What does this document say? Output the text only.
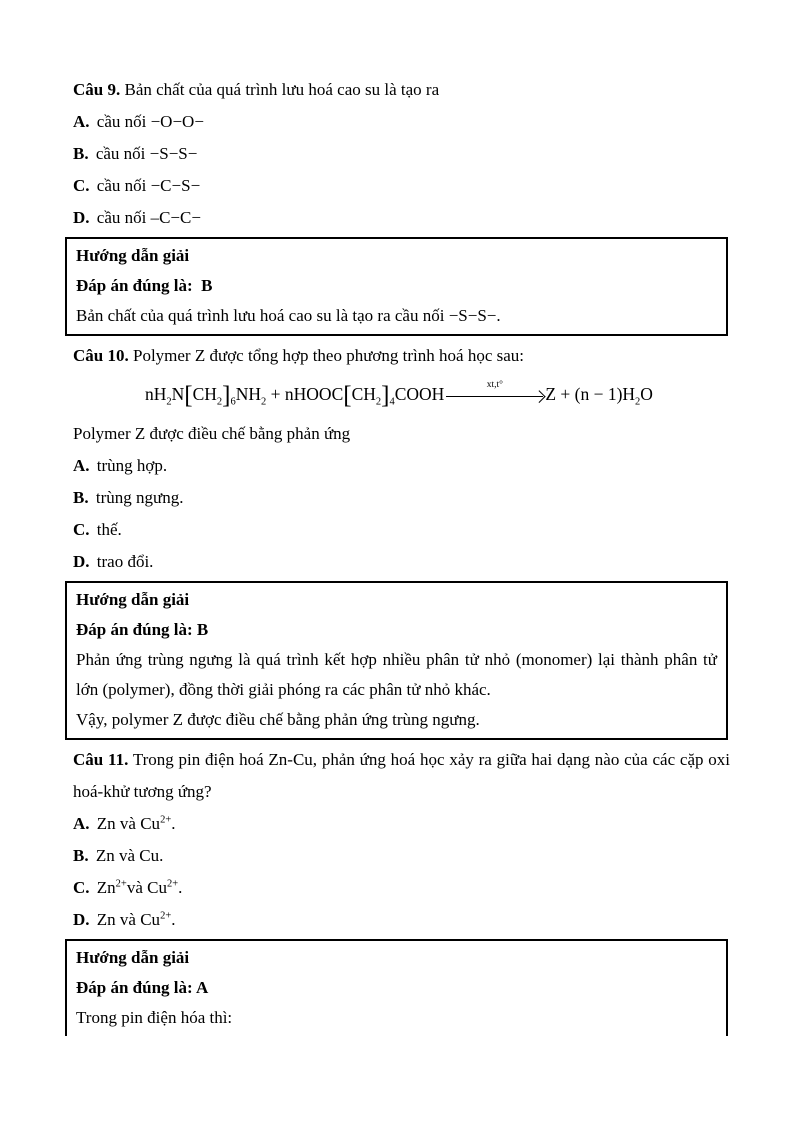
Câu 9. Bản chất của quá trình lưu hoá cao su là tạo ra

A. cầu nối −O−O−

B. cầu nối −S−S−

C. cầu nối −C−S−

D. cầu nối –C−C−

Hướng dẫn giải

Đáp án đúng là:  B

Bản chất của quá trình lưu hoá cao su là tạo ra cầu nối −S−S−.

Câu 10. Polymer Z được tổng hợp theo phương trình hoá học sau:

$nH_2N[CH_2]_6NH_2$ + $nHOOC[CH_2]_4COOH$	xt,t°	$Z + (n - 1)H_2O$

Polymer Z được điều chế bằng phản ứng

A. trùng hợp.

B. trùng ngưng.

C. thế.

D. trao đổi.

Hướng dẫn giải

Đáp án đúng là: B

Phản ứng trùng ngưng là quá trình kết hợp nhiều phân tử nhỏ (monomer) lại thành phân tử lớn (polymer), đồng thời giải phóng ra các phân tử nhỏ khác.

Vậy, polymer Z được điều chế bằng phản ứng trùng ngưng.

Câu 11. Trong pin điện hoá Zn-Cu, phản ứng hoá học xảy ra giữa hai dạng nào của các cặp oxi hoá-khử tương ứng?

A. Zn và $Cu^{2+}$.

B. Zn và Cu.

C. $Zn^{2+}và$ $Cu^{2+}$.

D. Zn và $Cu^{2+}$.

Hướng dẫn giải

Đáp án đúng là: A

Trong pin điện hóa thì:
